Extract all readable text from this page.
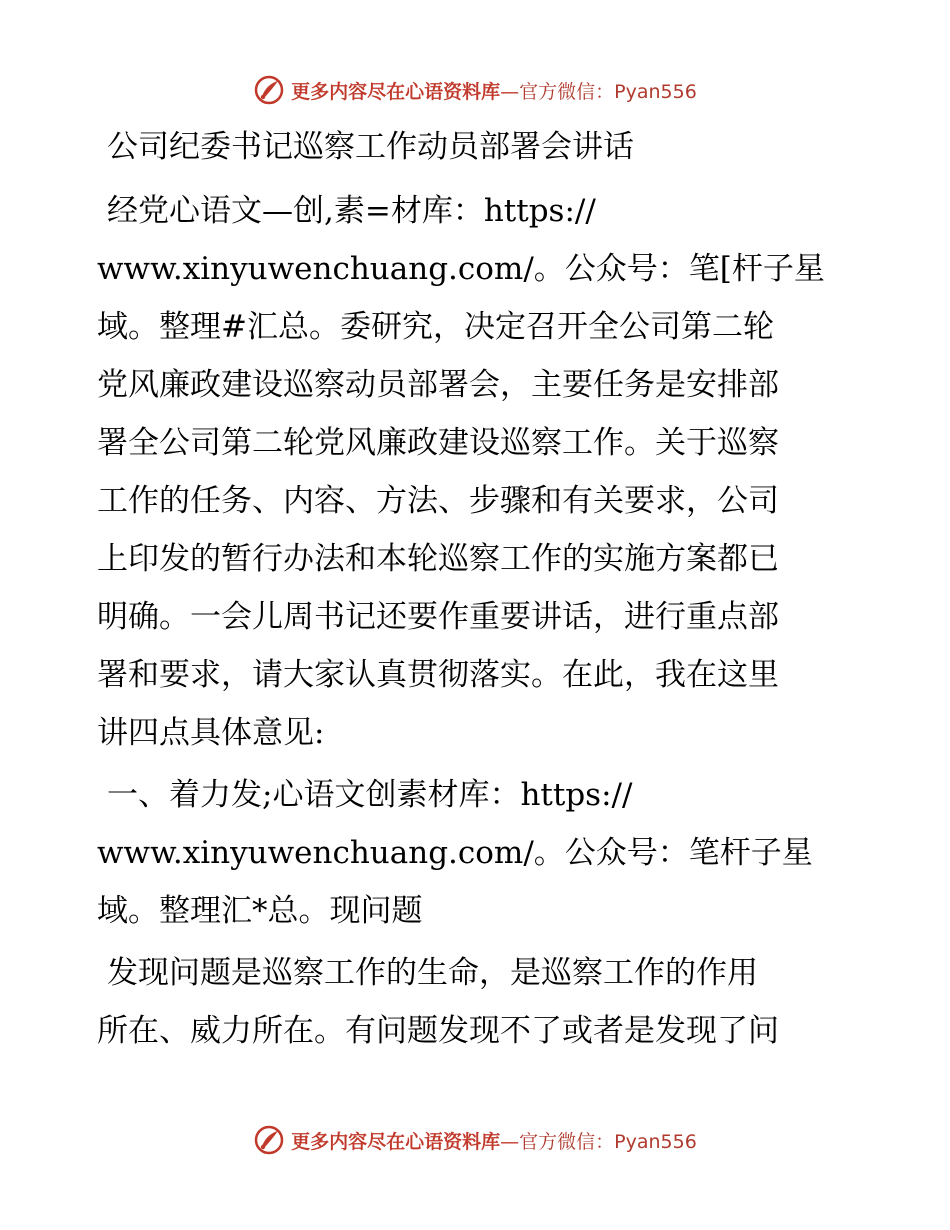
更多内容尽在心语资料库—官方微信：Pyan556
公司纪委书记巡察工作动员部署会讲话
经党心语文—创,素=材库：https://
www.xinyuwenchuang.com/。公众号：笔[杆子星
域。整理#汇总。委研究，决定召开全公司第二轮
党风廉政建设巡察动员部署会，主要任务是安排部
署全公司第二轮党风廉政建设巡察工作。关于巡察
工作的任务、内容、方法、步骤和有关要求，公司
上印发的暂行办法和本轮巡察工作的实施方案都已
明确。一会儿周书记还要作重要讲话，进行重点部
署和要求，请大家认真贯彻落实。在此，我在这里
讲四点具体意见:
一、着力发;心语文创素材库：https://
www.xinyuwenchuang.com/。公众号：笔杆子星
域。整理汇*总。现问题
发现问题是巡察工作的生命，是巡察工作的作用
所在、威力所在。有问题发现不了或者是发现了问
更多内容尽在心语资料库—官方微信：Pyan556
